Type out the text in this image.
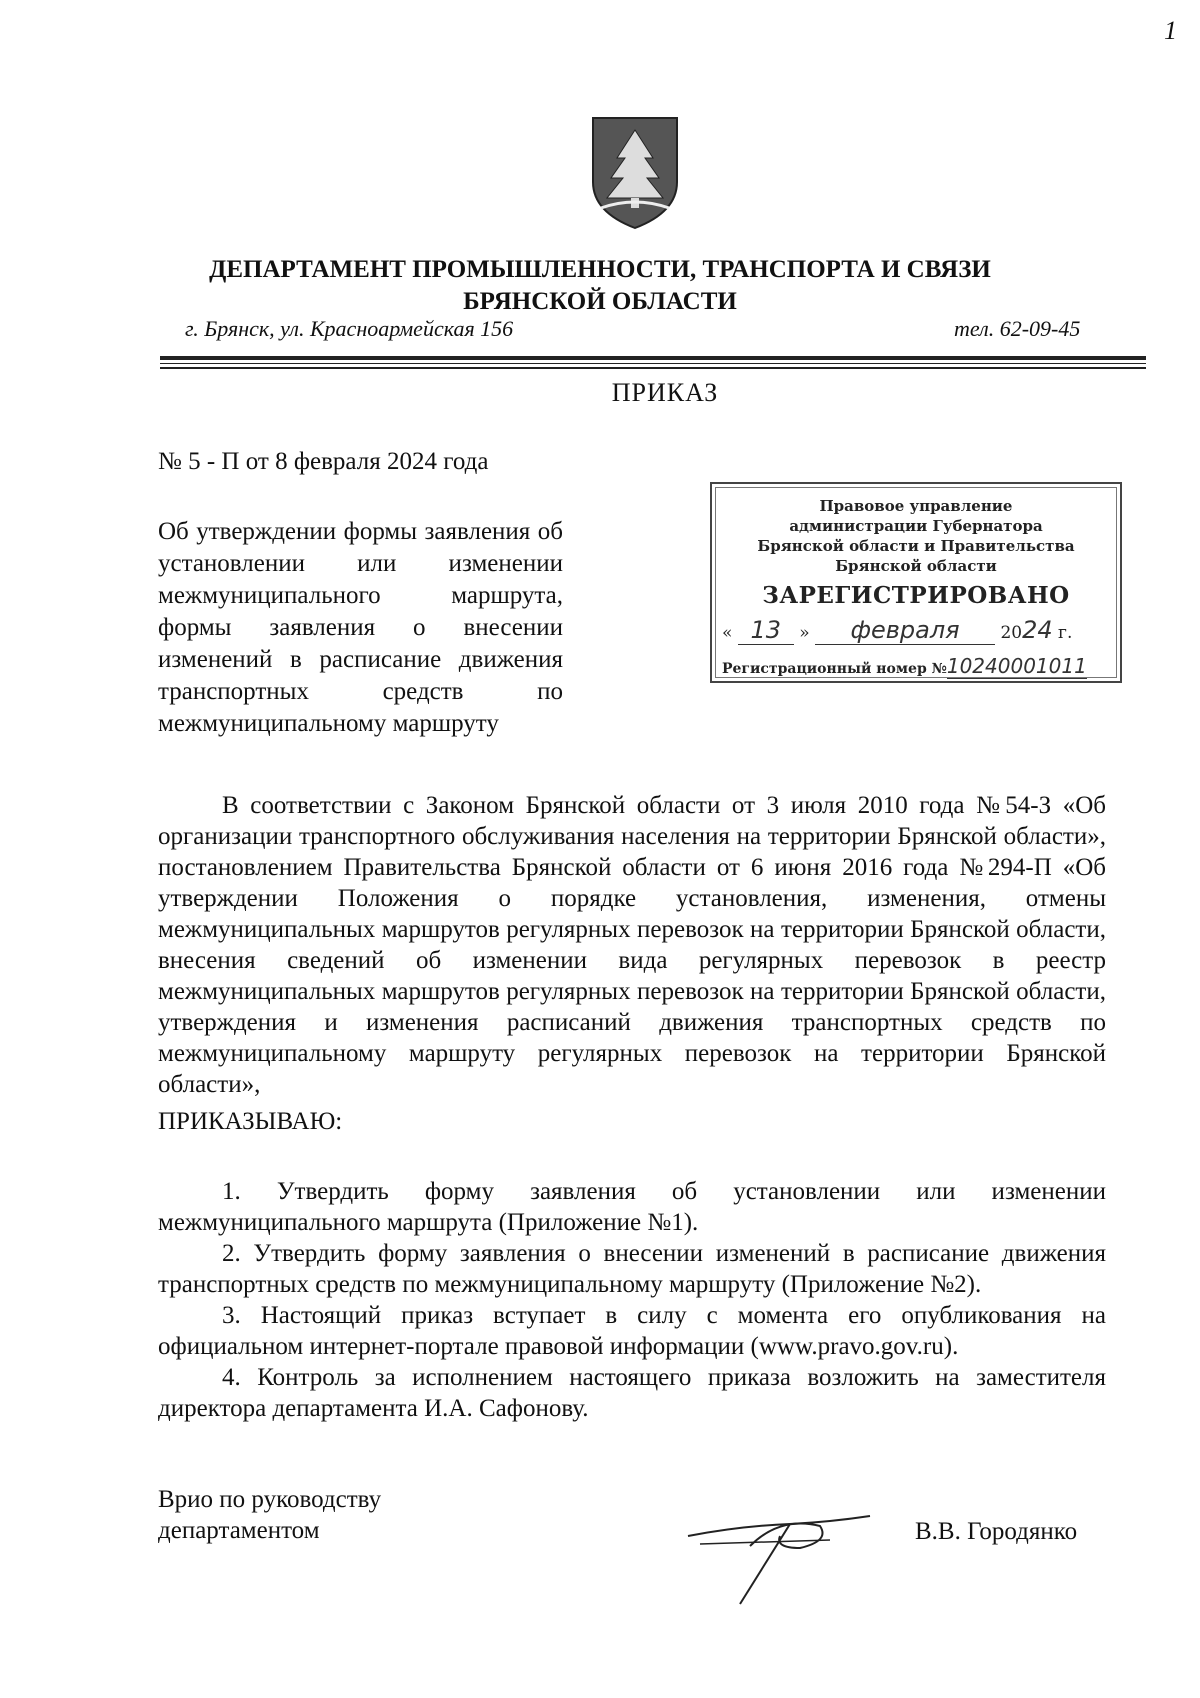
1
ДЕПАРТАМЕНТ ПРОМЫШЛЕННОСТИ, ТРАНСПОРТА И СВЯЗИ
БРЯНСКОЙ ОБЛАСТИ
г. Брянск, ул. Красноармейская 156	тел. 62-09-45
ПРИКАЗ
№ 5 - П от 8 февраля 2024 года
Об утверждении формы заявления об установлении или изменении межмуниципального маршрута, формы заявления о внесении изменений в расписание движения транспортных средств по межмуниципальному маршруту
Правовое управление
администрации Губернатора
Брянской области и Правительства
Брянской области
ЗАРЕГИСТРИРОВАНО
« 13 » февраля 2024 г.
Регистрационный номер №10240001011

В соответствии с Законом Брянской области от 3 июля 2010 года №54-З «Об организации транспортного обслуживания населения на территории Брянской области», постановлением Правительства Брянской области от 6 июня 2016 года №294-П «Об утверждении Положения о порядке установления, изменения, отмены межмуниципальных маршрутов регулярных перевозок на территории Брянской области, внесения сведений об изменении вида регулярных перевозок в реестр межмуниципальных маршрутов регулярных перевозок на территории Брянской области, утверждения и изменения расписаний движения транспортных средств по межмуниципальному маршруту регулярных перевозок на территории Брянской области»,

ПРИКАЗЫВАЮ:

1. Утвердить форму заявления об установлении или изменении межмуниципального маршрута (Приложение №1).

2. Утвердить форму заявления о внесении изменений в расписание движения транспортных средств по межмуниципальному маршруту (Приложение №2).

3. Настоящий приказ вступает в силу с момента его опубликования на официальном интернет-портале правовой информации (www.pravo.gov.ru).

4. Контроль за исполнением настоящего приказа возложить на заместителя директора департамента И.А. Сафонову.

Врио по руководству
департаментом	В.В. Городянко
